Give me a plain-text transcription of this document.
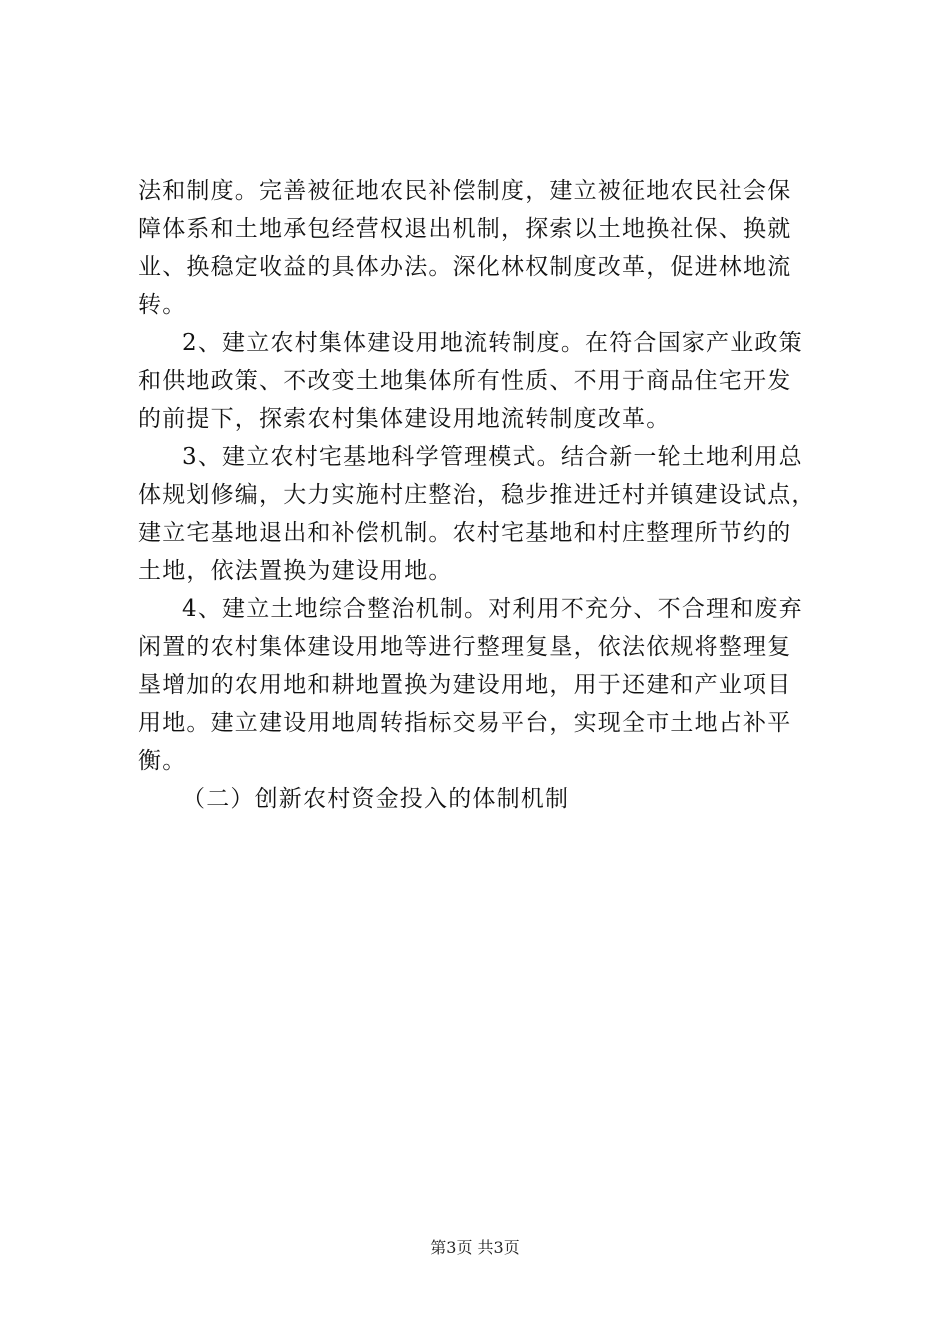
法和制度。完善被征地农民补偿制度，建立被征地农民社会保
障体系和土地承包经营权退出机制，探索以土地换社保、换就
业、换稳定收益的具体办法。深化林权制度改革，促进林地流
转。
2、建立农村集体建设用地流转制度。在符合国家产业政策
和供地政策、不改变土地集体所有性质、不用于商品住宅开发
的前提下，探索农村集体建设用地流转制度改革。
3、建立农村宅基地科学管理模式。结合新一轮土地利用总
体规划修编，大力实施村庄整治，稳步推进迁村并镇建设试点，
建立宅基地退出和补偿机制。农村宅基地和村庄整理所节约的
土地，依法置换为建设用地。
4、建立土地综合整治机制。对利用不充分、不合理和废弃
闲置的农村集体建设用地等进行整理复垦，依法依规将整理复
垦增加的农用地和耕地置换为建设用地，用于还建和产业项目
用地。建立建设用地周转指标交易平台，实现全市土地占补平
衡。
（二）创新农村资金投入的体制机制
第3页 共3页
